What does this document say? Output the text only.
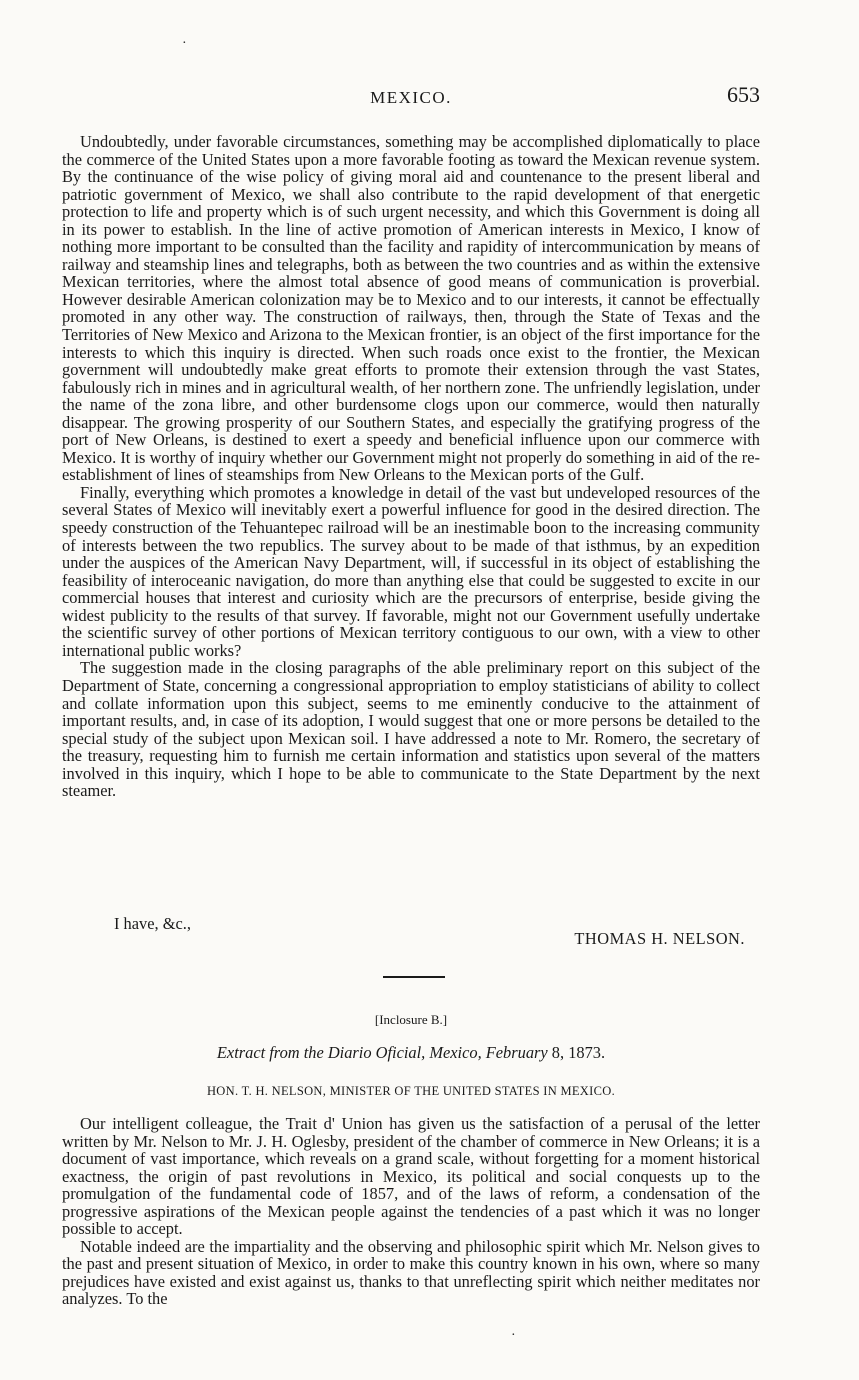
·
MEXICO.	653

Undoubtedly, under favorable circumstances, something may be accomplished diplomatically to place the commerce of the United States upon a more favorable footing as toward the Mexican revenue system. By the continuance of the wise policy of giving moral aid and countenance to the present liberal and patriotic government of Mexico, we shall also contribute to the rapid development of that energetic protection to life and property which is of such urgent necessity, and which this Government is doing all in its power to establish. In the line of active promotion of American interests in Mexico, I know of nothing more important to be consulted than the facility and rapidity of intercommunication by means of railway and steamship lines and telegraphs, both as between the two countries and as within the extensive Mexican territories, where the almost total absence of good means of communication is proverbial. However desirable American colonization may be to Mexico and to our interests, it cannot be effectually promoted in any other way. The construction of railways, then, through the State of Texas and the Territories of New Mexico and Arizona to the Mexican frontier, is an object of the first importance for the interests to which this inquiry is directed. When such roads once exist to the frontier, the Mexican government will undoubtedly make great efforts to promote their extension through the vast States, fabulously rich in mines and in agricultural wealth, of her northern zone. The unfriendly legislation, under the name of the zona libre, and other burdensome clogs upon our commerce, would then naturally disappear. The growing prosperity of our Southern States, and especially the gratifying progress of the port of New Orleans, is destined to exert a speedy and beneficial influence upon our commerce with Mexico. It is worthy of inquiry whether our Government might not properly do something in aid of the re-establishment of lines of steamships from New Orleans to the Mexican ports of the Gulf.

Finally, everything which promotes a knowledge in detail of the vast but undeveloped resources of the several States of Mexico will inevitably exert a powerful influence for good in the desired direction. The speedy construction of the Tehuantepec railroad will be an inestimable boon to the increasing community of interests between the two republics. The survey about to be made of that isthmus, by an expedition under the auspices of the American Navy Department, will, if successful in its object of establishing the feasibility of interoceanic navigation, do more than anything else that could be suggested to excite in our commercial houses that interest and curiosity which are the precursors of enterprise, beside giving the widest publicity to the results of that survey. If favorable, might not our Government usefully undertake the scientific survey of other portions of Mexican territory contiguous to our own, with a view to other international public works?

The suggestion made in the closing paragraphs of the able preliminary report on this subject of the Department of State, concerning a congressional appropriation to employ statisticians of ability to collect and collate information upon this subject, seems to me eminently conducive to the attainment of important results, and, in case of its adoption, I would suggest that one or more persons be detailed to the special study of the subject upon Mexican soil. I have addressed a note to Mr. Romero, the secretary of the treasury, requesting him to furnish me certain information and statistics upon several of the matters involved in this inquiry, which I hope to be able to communicate to the State Department by the next steamer.

I have, &c.,
THOMAS H. NELSON.
[Inclosure B.]
Extract from the Diario Oficial, Mexico, February 8, 1873.
HON. T. H. NELSON, MINISTER OF THE UNITED STATES IN MEXICO.

Our intelligent colleague, the Trait d' Union has given us the satisfaction of a perusal of the letter written by Mr. Nelson to Mr. J. H. Oglesby, president of the chamber of commerce in New Orleans; it is a document of vast importance, which reveals on a grand scale, without forgetting for a moment historical exactness, the origin of past revolutions in Mexico, its political and social conquests up to the promulgation of the fundamental code of 1857, and of the laws of reform, a condensation of the progressive aspirations of the Mexican people against the tendencies of a past which it was no longer possible to accept.

Notable indeed are the impartiality and the observing and philosophic spirit which Mr. Nelson gives to the past and present situation of Mexico, in order to make this country known in his own, where so many prejudices have existed and exist against us, thanks to that unreflecting spirit which neither meditates nor analyzes. To the

·
